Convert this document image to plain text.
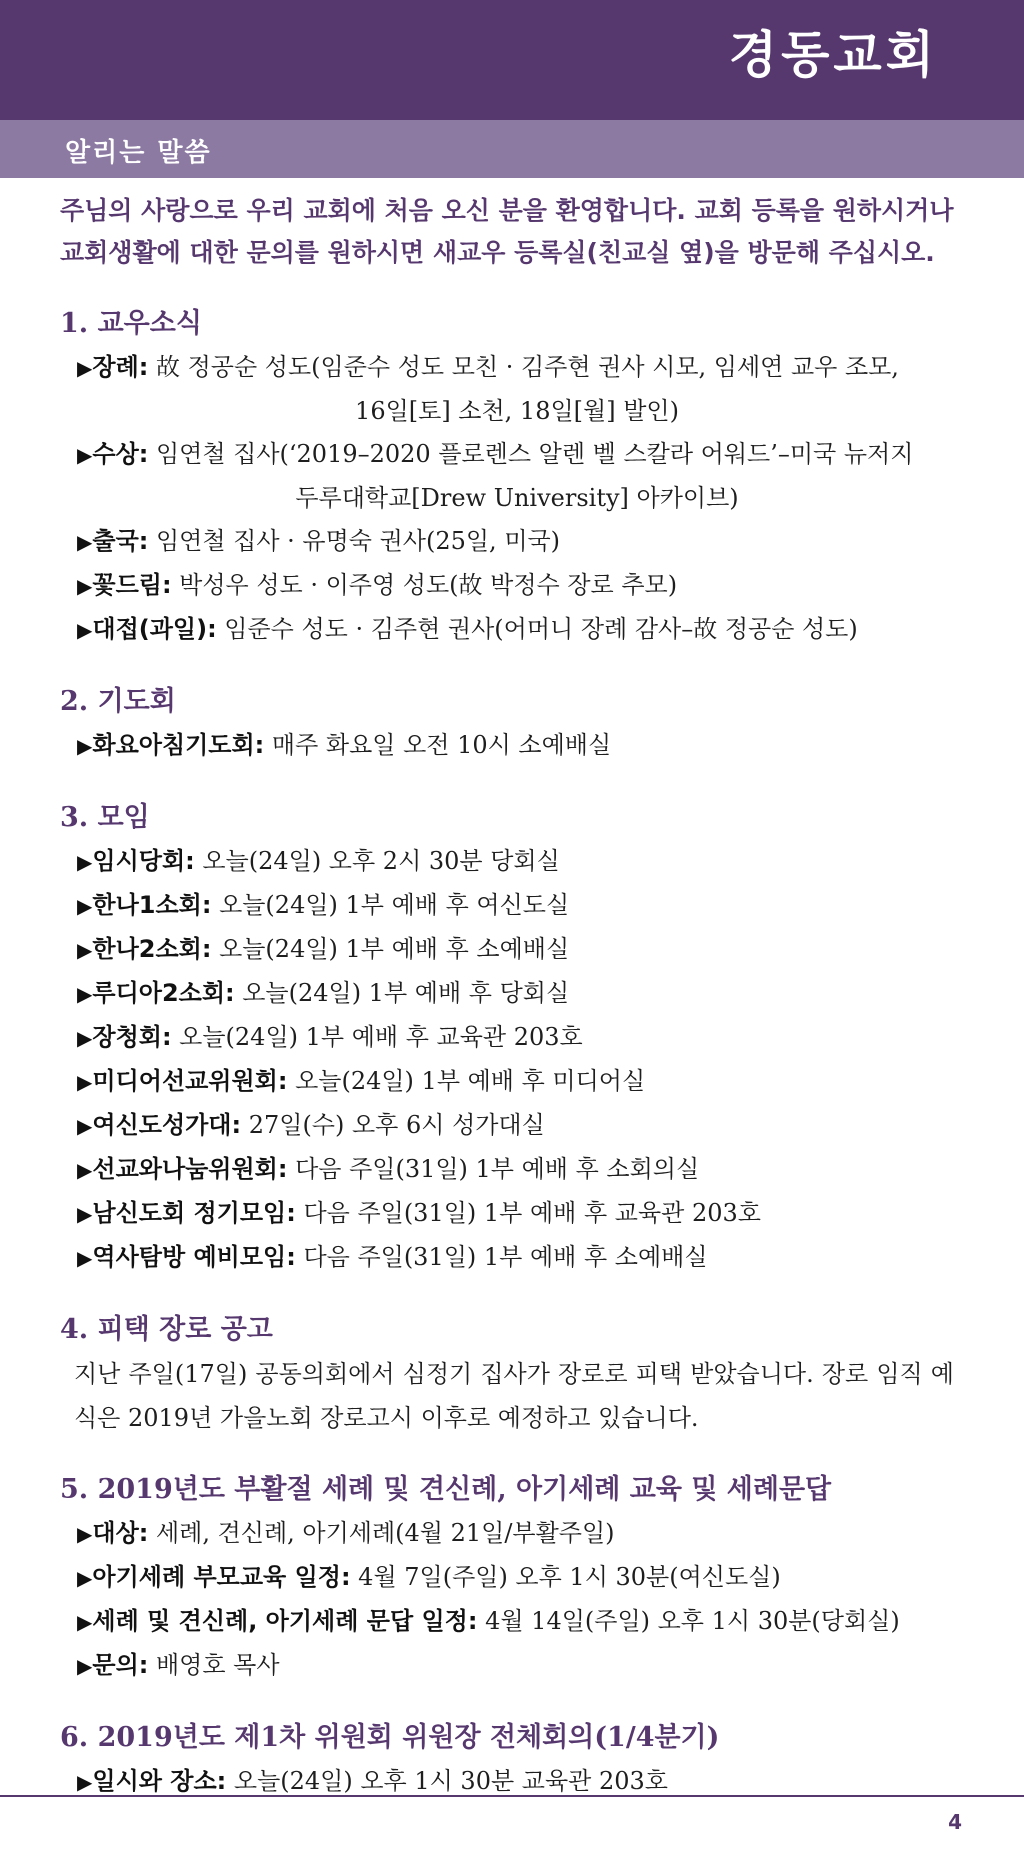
경동교회
알리는 말씀
주님의 사랑으로 우리 교회에 처음 오신 분을 환영합니다. 교회 등록을 원하시거나 교회생활에 대한 문의를 원하시면 새교우 등록실(친교실 옆)을 방문해 주십시오.
1. 교우소식
▶장례: 故 정공순 성도(임준수 성도 모친 · 김주현 권사 시모, 임세연 교우 조모,
16일[토] 소천, 18일[월] 발인)
▶수상: 임연철 집사(‘2019–2020 플로렌스 알렌 벨 스칼라 어워드’–미국 뉴저지
두루대학교[Drew University] 아카이브)
▶출국: 임연철 집사 · 유명숙 권사(25일, 미국)
▶꽃드림: 박성우 성도 · 이주영 성도(故 박정수 장로 추모)
▶대접(과일): 임준수 성도 · 김주현 권사(어머니 장례 감사–故 정공순 성도)
2. 기도회
▶화요아침기도회: 매주 화요일 오전 10시 소예배실
3. 모임
▶임시당회: 오늘(24일) 오후 2시 30분 당회실
▶한나1소회: 오늘(24일) 1부 예배 후 여신도실
▶한나2소회: 오늘(24일) 1부 예배 후 소예배실
▶루디아2소회: 오늘(24일) 1부 예배 후 당회실
▶장청회: 오늘(24일) 1부 예배 후 교육관 203호
▶미디어선교위원회: 오늘(24일) 1부 예배 후 미디어실
▶여신도성가대: 27일(수) 오후 6시 성가대실
▶선교와나눔위원회: 다음 주일(31일) 1부 예배 후 소회의실
▶남신도회 정기모임: 다음 주일(31일) 1부 예배 후 교육관 203호
▶역사탐방 예비모임: 다음 주일(31일) 1부 예배 후 소예배실
4. 피택 장로 공고
지난 주일(17일) 공동의회에서 심정기 집사가 장로로 피택 받았습니다. 장로 임직 예식은 2019년 가을노회 장로고시 이후로 예정하고 있습니다.
5. 2019년도 부활절 세례 및 견신례, 아기세례 교육 및 세례문답
▶대상: 세례, 견신례, 아기세례(4월 21일/부활주일)
▶아기세례 부모교육 일정: 4월 7일(주일) 오후 1시 30분(여신도실)
▶세례 및 견신례, 아기세례 문답 일정: 4월 14일(주일) 오후 1시 30분(당회실)
▶문의: 배영호 목사
6. 2019년도 제1차 위원회 위원장 전체회의(1/4분기)
▶일시와 장소: 오늘(24일) 오후 1시 30분 교육관 203호
4
